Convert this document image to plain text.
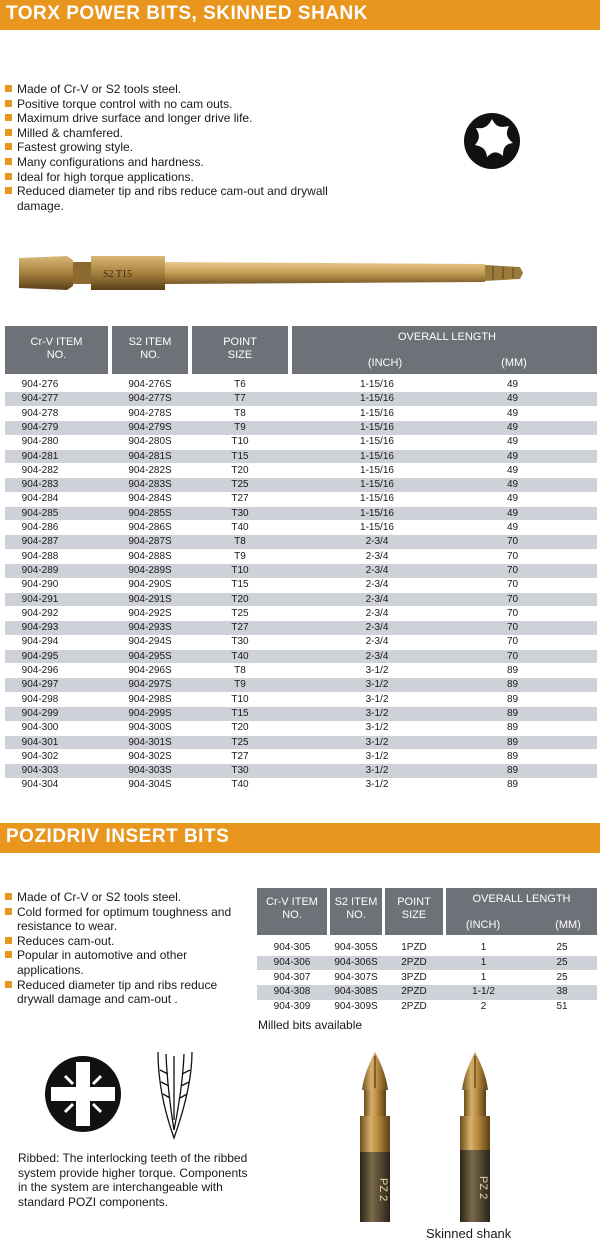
TORX POWER BITS, SKINNED SHANK
Made of Cr-V or S2 tools steel.
Positive torque control with no cam outs.
Maximum drive surface and longer drive life.
Milled & chamfered.
Fastest growing style.
Many configurations and hardness.
Ideal for high torque applications.
Reduced diameter tip and ribs reduce cam-out and drywall damage.
S2 T15
Cr-V ITEM NO.
S2 ITEM NO.
POINT SIZE
OVERALL LENGTH
(INCH)	(MM)
904-276	904-276S	T6	1-15/16	49
904-277	904-277S	T7	1-15/16	49
904-278	904-278S	T8	1-15/16	49
904-279	904-279S	T9	1-15/16	49
904-280	904-280S	T10	1-15/16	49
904-281	904-281S	T15	1-15/16	49
904-282	904-282S	T20	1-15/16	49
904-283	904-283S	T25	1-15/16	49
904-284	904-284S	T27	1-15/16	49
904-285	904-285S	T30	1-15/16	49
904-286	904-286S	T40	1-15/16	49
904-287	904-287S	T8	2-3/4	70
904-288	904-288S	T9	2-3/4	70
904-289	904-289S	T10	2-3/4	70
904-290	904-290S	T15	2-3/4	70
904-291	904-291S	T20	2-3/4	70
904-292	904-292S	T25	2-3/4	70
904-293	904-293S	T27	2-3/4	70
904-294	904-294S	T30	2-3/4	70
904-295	904-295S	T40	2-3/4	70
904-296	904-296S	T8	3-1/2	89
904-297	904-297S	T9	3-1/2	89
904-298	904-298S	T10	3-1/2	89
904-299	904-299S	T15	3-1/2	89
904-300	904-300S	T20	3-1/2	89
904-301	904-301S	T25	3-1/2	89
904-302	904-302S	T27	3-1/2	89
904-303	904-303S	T30	3-1/2	89
904-304	904-304S	T40	3-1/2	89
POZIDRIV INSERT BITS
Made of Cr-V or S2 tools steel.
Cold formed for optimum toughness and resistance to wear.
Reduces cam-out.
Popular in automotive and other applications.
Reduced diameter tip and ribs reduce drywall damage and cam-out .
Cr-V ITEM NO.
S2 ITEM NO.
POINT SIZE
OVERALL LENGTH
(INCH)	(MM)
904-305	904-305S	1PZD	1	25
904-306	904-306S	2PZD	1	25
904-307	904-307S	3PZD	1	25
904-308	904-308S	2PZD	1-1/2	38
904-309	904-309S	2PZD	2	51
Milled bits available
Ribbed: The interlocking teeth of the ribbed system provide higher torque. Components in the system are interchangeable with standard POZI components.
PZ 2	PZ 2
Skinned shank
